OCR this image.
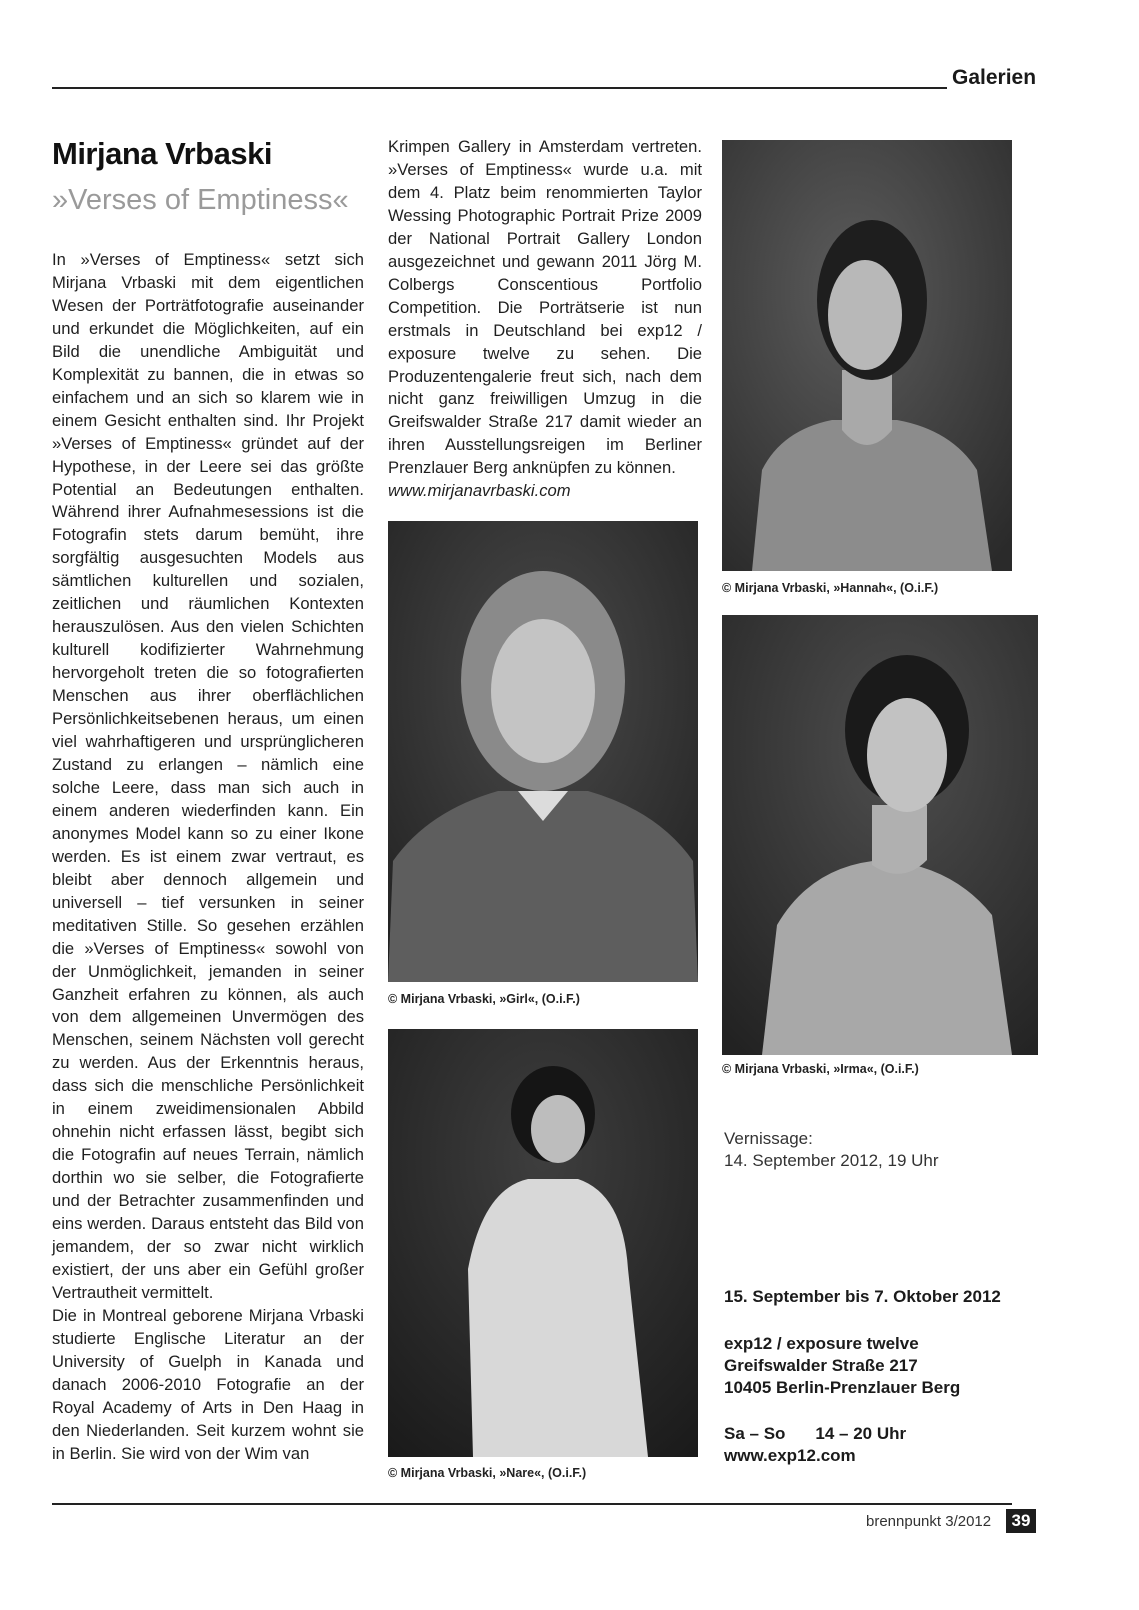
Galerien
Mirjana Vrbaski
»Verses of Emptiness«

In »Verses of Emptiness« setzt sich Mirjana Vrbaski mit dem eigentlichen Wesen der Porträtfotografie auseinander und erkundet die Möglichkeiten, auf ein Bild die unendliche Ambiguität und Komplexität zu bannen, die in etwas so einfachem und an sich so klarem wie in einem Gesicht enthalten sind. Ihr Projekt »Verses of Emptiness« gründet auf der Hypothese, in der Leere sei das größte Potential an Bedeutungen enthalten. Während ihrer Aufnahmesessions ist die Fotografin stets darum bemüht, ihre sorgfältig ausgesuchten Models aus sämtlichen kulturellen und sozialen, zeitlichen und räumlichen Kontexten herauszulösen. Aus den vielen Schichten kulturell kodifizierter Wahrnehmung hervorgeholt treten die so fotografierten Menschen aus ihrer oberflächlichen Persönlichkeitsebenen heraus, um einen viel wahrhaftigeren und ursprünglicheren Zustand zu erlangen – nämlich eine solche Leere, dass man sich auch in einem anderen wiederfinden kann. Ein anonymes Model kann so zu einer Ikone werden. Es ist einem zwar vertraut, es bleibt aber dennoch allgemein und universell – tief versunken in seiner meditativen Stille. So gesehen erzählen die »Verses of Emptiness« sowohl von der Unmöglichkeit, jemanden in seiner Ganzheit erfahren zu können, als auch von dem allgemeinen Unvermögen des Menschen, seinem Nächsten voll gerecht zu werden. Aus der Erkenntnis heraus, dass sich die menschliche Persönlichkeit in einem zweidimensionalen Abbild ohnehin nicht erfassen lässt, begibt sich die Fotografin auf neues Terrain, nämlich dorthin wo sie selber, die Fotografierte und der Betrachter zusammenfinden und eins werden. Daraus entsteht das Bild von jemandem, der so zwar nicht wirklich existiert, der uns aber ein Gefühl großer Vertrautheit vermittelt.

Die in Montreal geborene Mirjana Vrbaski studierte Englische Literatur an der University of Guelph in Kanada und danach 2006-2010 Fotografie an der Royal Academy of Arts in Den Haag in den Niederlanden. Seit kurzem wohnt sie in Berlin. Sie wird von der Wim van

Krimpen Gallery in Amsterdam vertreten. »Verses of Emptiness« wurde u.a. mit dem 4. Platz beim renommierten Taylor Wessing Photographic Portrait Prize 2009 der National Portrait Gallery London ausgezeichnet und gewann 2011 Jörg M. Colbergs Conscentious Portfolio Competition. Die Porträtserie ist nun erstmals in Deutschland bei exp12 / exposure twelve zu sehen. Die Produzentengalerie freut sich, nach dem nicht ganz freiwilligen Umzug in die Greifswalder Straße 217 damit wieder an ihren Ausstellungsreigen im Berliner Prenzlauer Berg anknüpfen zu können.

www.mirjanavrbaski.com

© Mirjana Vrbaski, »Hannah«, (O.i.F.)
© Mirjana Vrbaski, »Girl«, (O.i.F.)
© Mirjana Vrbaski, »Irma«, (O.i.F.)
© Mirjana Vrbaski, »Nare«, (O.i.F.)
Vernissage:
14. September 2012, 19 Uhr
15. September bis 7. Oktober 2012
exp12 / exposure twelve
Greifswalder Straße 217
10405 Berlin-Prenzlauer Berg
Sa – So 14 – 20 Uhr
www.exp12.com
brennpunkt 3/2012	39
